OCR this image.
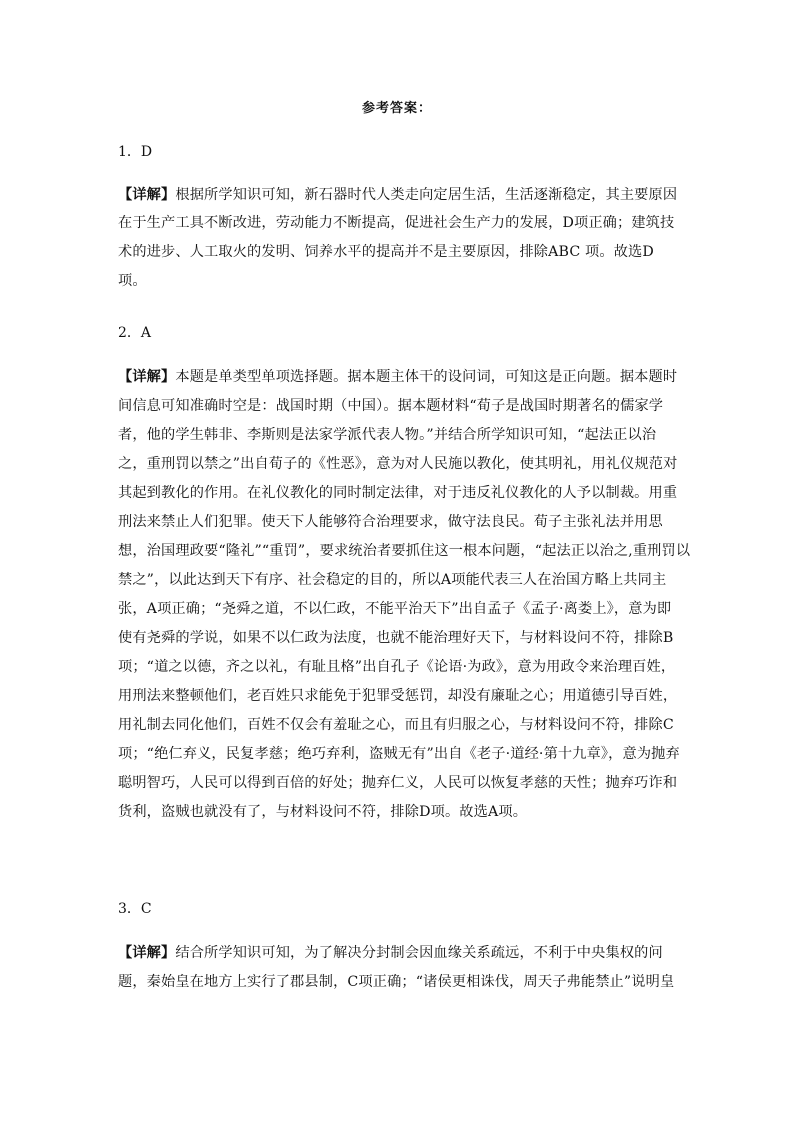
参考答案：
1．D
【详解】根据所学知识可知，新石器时代人类走向定居生活，生活逐渐稳定，其主要原因
在于生产工具不断改进，劳动能力不断提高，促进社会生产力的发展，D项正确；建筑技
术的进步、人工取火的发明、饲养水平的提高并不是主要原因，排除ABC 项。故选D
项。
2．A
【详解】本题是单类型单项选择题。据本题主体干的设问词，可知这是正向题。据本题时
间信息可知准确时空是：战国时期（中国）。据本题材料“荀子是战国时期著名的儒家学
者，他的学生韩非、李斯则是法家学派代表人物。”并结合所学知识可知，“起法正以治
之，重刑罚以禁之”出自荀子的《性恶》，意为对人民施以教化，使其明礼，用礼仪规范对
其起到教化的作用。在礼仪教化的同时制定法律，对于违反礼仪教化的人予以制裁。用重
刑法来禁止人们犯罪。使天下人能够符合治理要求，做守法良民。荀子主张礼法并用思
想，治国理政要“隆礼”“重罚”，要求统治者要抓住这一根本问题，“起法正以治之,重刑罚以
禁之”，以此达到天下有序、社会稳定的目的，所以A项能代表三人在治国方略上共同主
张，A项正确；“尧舜之道，不以仁政，不能平治天下”出自孟子《孟子·离娄上》，意为即
使有尧舜的学说，如果不以仁政为法度，也就不能治理好天下，与材料设问不符，排除B
项；“道之以德，齐之以礼，有耻且格”出自孔子《论语·为政》，意为用政令来治理百姓，
用刑法来整顿他们，老百姓只求能免于犯罪受惩罚，却没有廉耻之心；用道德引导百姓，
用礼制去同化他们，百姓不仅会有羞耻之心，而且有归服之心，与材料设问不符，排除C
项；“绝仁弃义，民复孝慈；绝巧弃利，盗贼无有”出自《老子·道经·第十九章》，意为抛弃
聪明智巧，人民可以得到百倍的好处；抛弃仁义，人民可以恢复孝慈的天性；抛弃巧诈和
货利，盗贼也就没有了，与材料设问不符，排除D项。故选A项。
3．C
【详解】结合所学知识可知，为了解决分封制会因血缘关系疏远，不利于中央集权的问
题，秦始皇在地方上实行了郡县制，C项正确；“诸侯更相诛伐，周天子弗能禁止”说明皇
